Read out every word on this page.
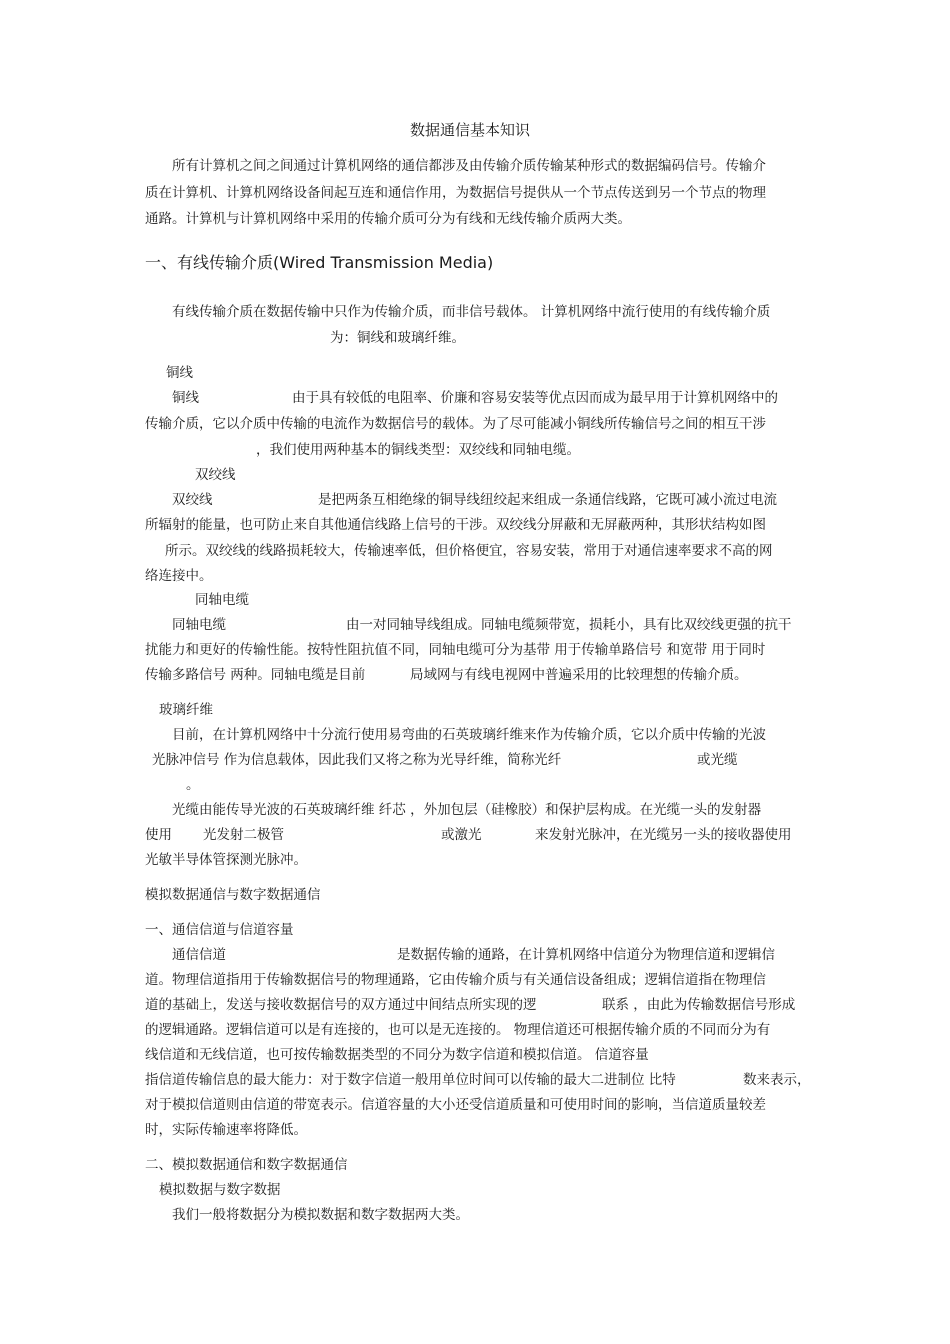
数据通信基本知识
所有计算机之间之间通过计算机网络的通信都涉及由传输介质传输某种形式的数据编码信号。传输介
质在计算机、计算机网络设备间起互连和通信作用，为数据信号提供从一个节点传送到另一个节点的物理
通路。计算机与计算机网络中采用的传输介质可分为有线和无线传输介质两大类。
一、有线传输介质(Wired Transmission Media)
有线传输介质在数据传输中只作为传输介质，而非信号载体。 计算机网络中流行使用的有线传输介质
为：铜线和玻璃纤维。
铜线
铜线	由于具有较低的电阻率、价廉和容易安装等优点因而成为最早用于计算机网络中的
传输介质，它以介质中传输的电流作为数据信号的载体。为了尽可能减小铜线所传输信号之间的相互干涉
，我们使用两种基本的铜线类型：双绞线和同轴电缆。
双绞线
双绞线	是把两条互相绝缘的铜导线纽绞起来组成一条通信线路，它既可减小流过电流
所辐射的能量，也可防止来自其他通信线路上信号的干涉。双绞线分屏蔽和无屏蔽两种，其形状结构如图
所示。双绞线的线路损耗较大，传输速率低，但价格便宜，容易安装，常用于对通信速率要求不高的网
络连接中。
同轴电缆
同轴电缆	由一对同轴导线组成。同轴电缆频带宽，损耗小，具有比双绞线更强的抗干
扰能力和更好的传输性能。按特性阻抗值不同，同轴电缆可分为基带 用于传输单路信号 和宽带 用于同时
传输多路信号 两种。同轴电缆是目前	局域网与有线电视网中普遍采用的比较理想的传输介质。
玻璃纤维
目前，在计算机网络中十分流行使用易弯曲的石英玻璃纤维来作为传输介质，它以介质中传输的光波
光脉冲信号 作为信息载体，因此我们又将之称为光导纤维，简称光纤	或光缆
。
光缆由能传导光波的石英玻璃纤维 纤芯 ，外加包层（硅橡胶）和保护层构成。在光缆一头的发射器
使用 光发射二极管	或激光	来发射光脉冲，在光缆另一头的接收器使用
光敏半导体管探测光脉冲。
模拟数据通信与数字数据通信
一、通信信道与信道容量
通信信道	是数据传输的通路，在计算机网络中信道分为物理信道和逻辑信
道。物理信道指用于传输数据信号的物理通路，它由传输介质与有关通信设备组成；逻辑信道指在物理信
道的基础上，发送与接收数据信号的双方通过中间结点所实现的逻	联系 ，由此为传输数据信号形成
的逻辑通路。逻辑信道可以是有连接的，也可以是无连接的。 物理信道还可根据传输介质的不同而分为有
线信道和无线信道，也可按传输数据类型的不同分为数字信道和模拟信道。 信道容量
指信道传输信息的最大能力：对于数字信道一般用单位时间可以传输的最大二进制位 比特	数来表示，
对于模拟信道则由信道的带宽表示。信道容量的大小还受信道质量和可使用时间的影响，当信道质量较差
时，实际传输速率将降低。
二、模拟数据通信和数字数据通信
模拟数据与数字数据
我们一般将数据分为模拟数据和数字数据两大类。
